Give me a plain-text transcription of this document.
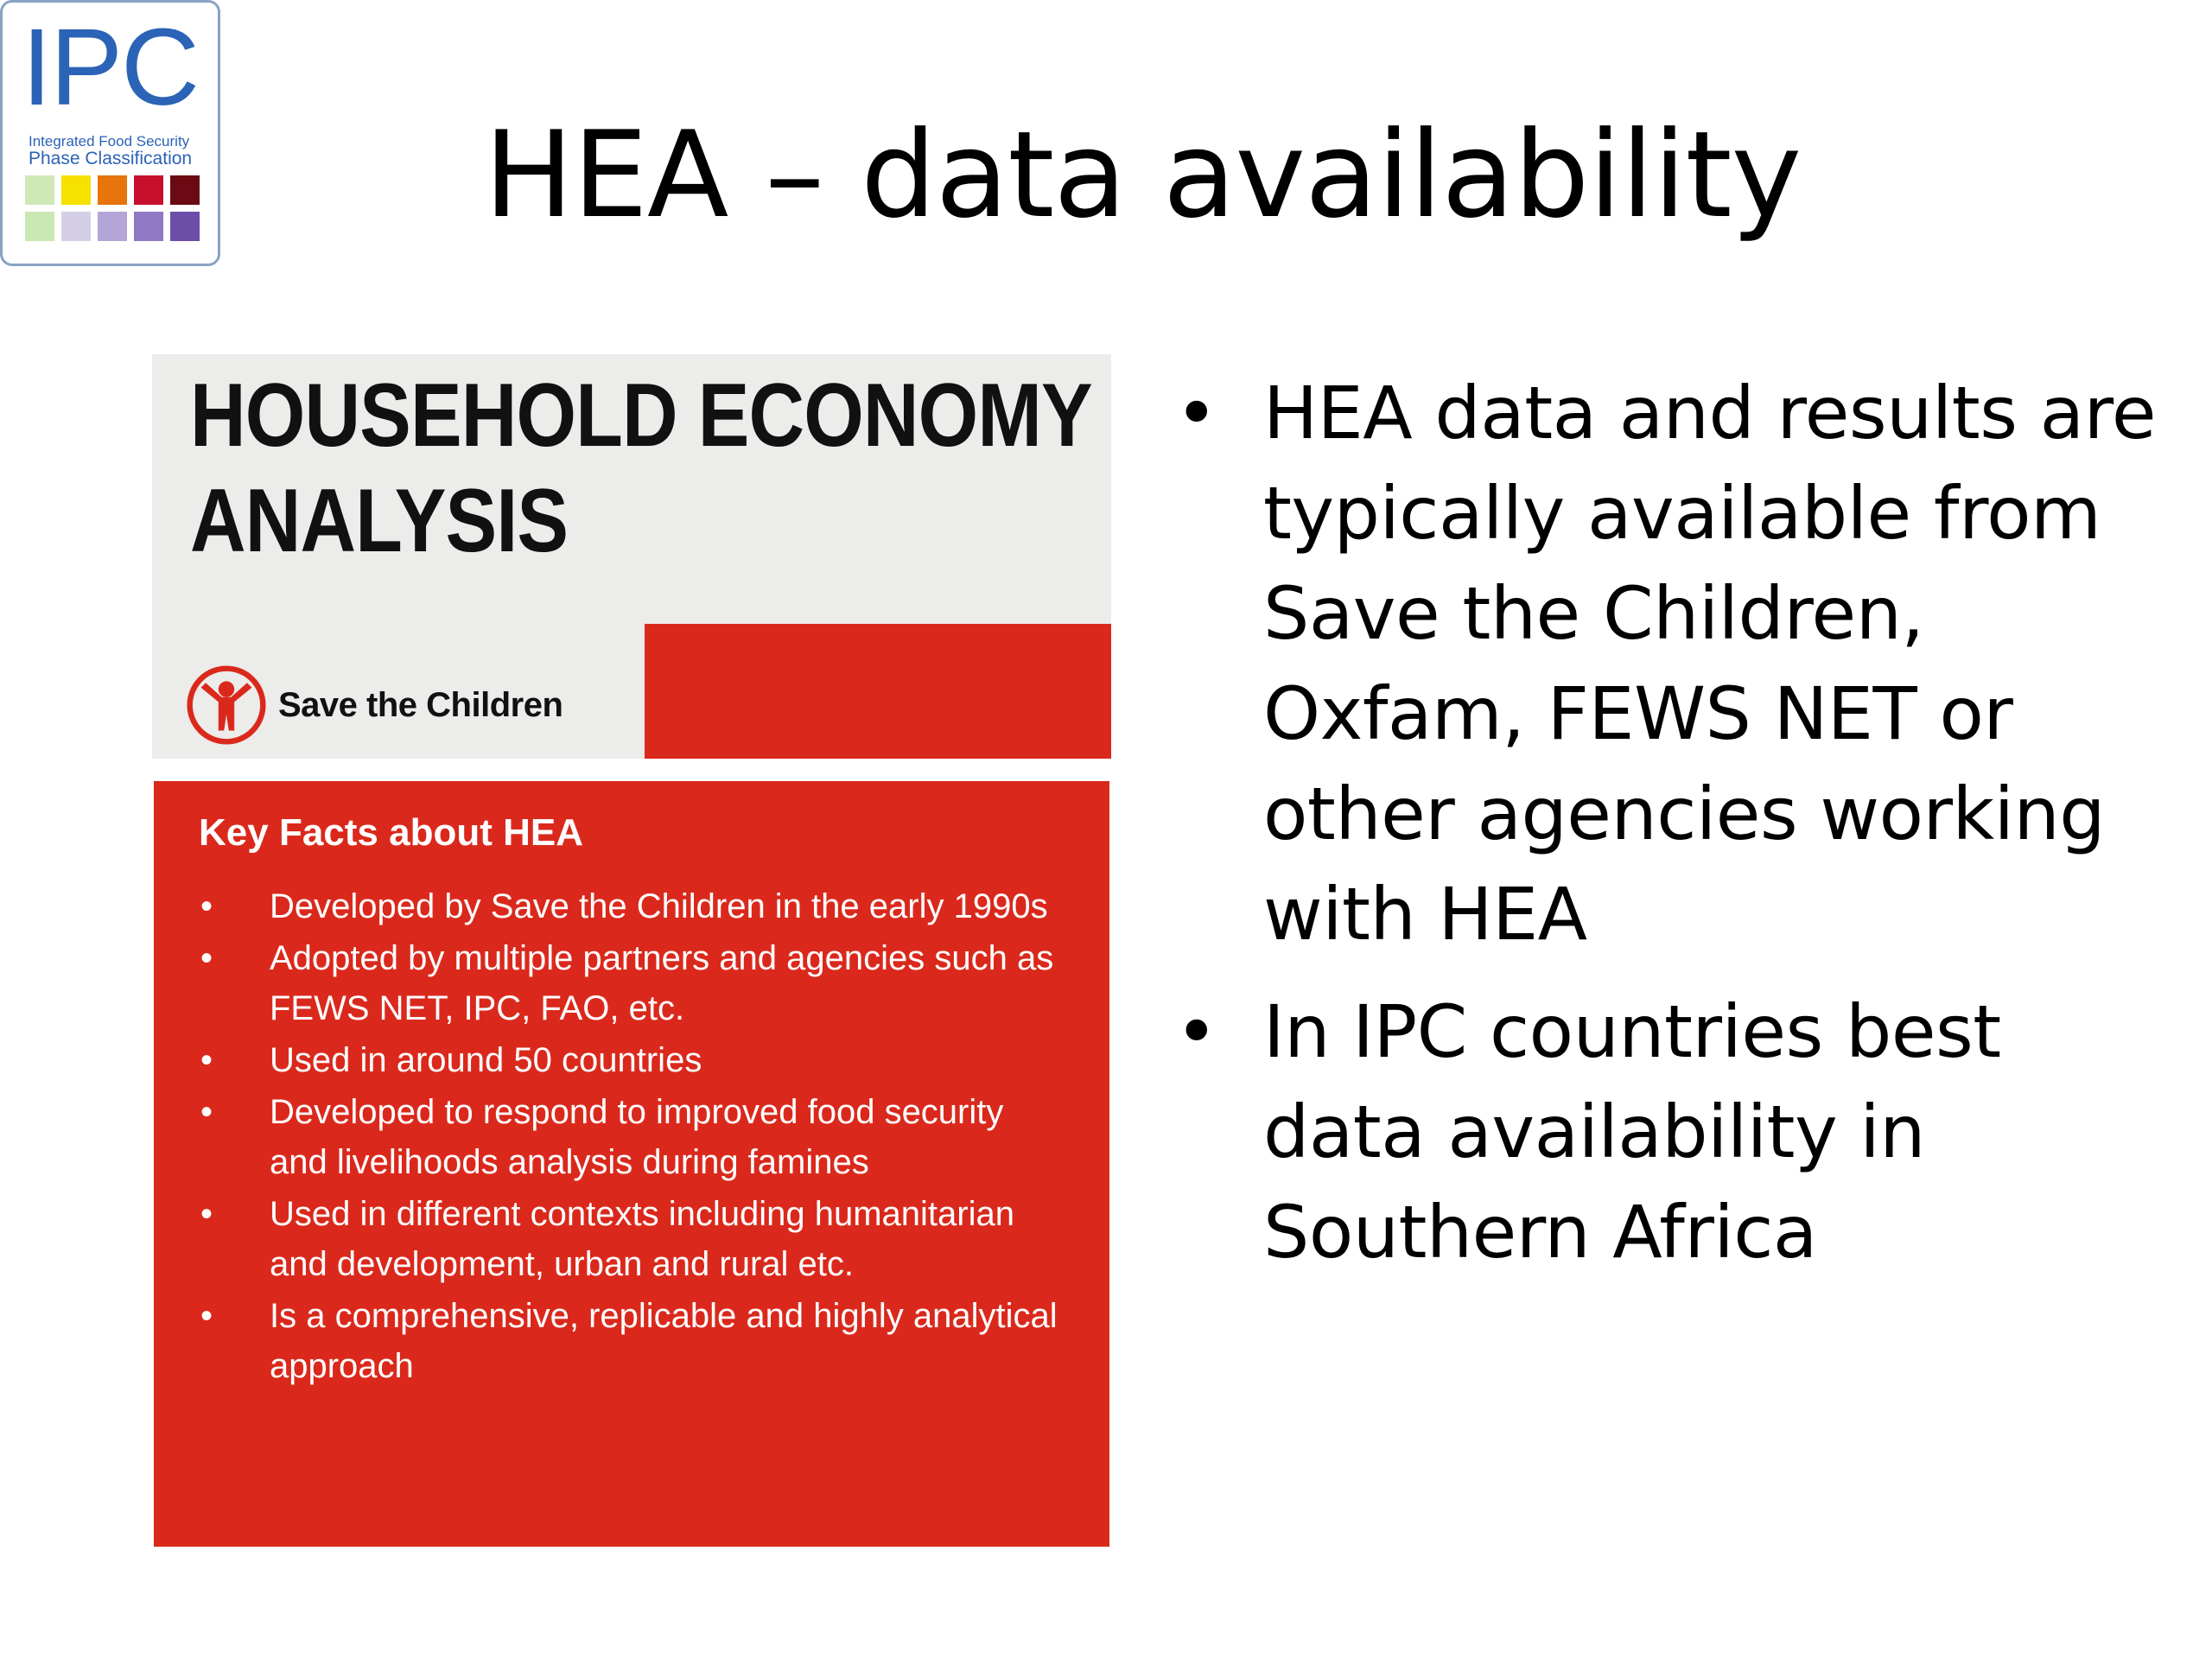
IPC
Integrated Food Security
Phase Classification HEA – data availability
HOUSEHOLD ECONOMY
ANALYSIS
Save the Children
Key Facts about HEA
• Developed by Save the Children in the early 1990s
• Adopted by multiple partners and agencies such as FEWS NET, IPC, FAO, etc.
• Used in around 50 countries
• Developed to respond to improved food security and livelihoods analysis during famines
• Used in different contexts including humanitarian and development, urban and rural etc.
• Is a comprehensive, replicable and highly analytical approach
• HEA data and results are typically available from Save the Children, Oxfam, FEWS NET or other agencies working with HEA
• In IPC countries best data availability in Southern Africa
